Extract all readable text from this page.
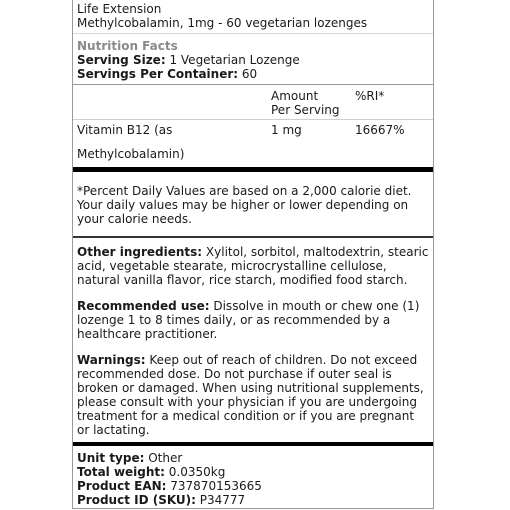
Life Extension
Methylcobalamin, 1mg - 60 vegetarian lozenges
Nutrition Facts
Serving Size: 1 Vegetarian Lozenge
Servings Per Container: 60
Amount
Per Serving
%RI*
Vitamin B12 (as
Methylcobalamin)
1 mg	16667%
*Percent Daily Values are based on a 2,000 calorie diet.
Your daily values may be higher or lower depending on
your calorie needs.
Other ingredients: Xylitol, sorbitol, maltodextrin, stearic
acid, vegetable stearate, microcrystalline cellulose,
natural vanilla flavor, rice starch, modified food starch.
Recommended use: Dissolve in mouth or chew one (1)
lozenge 1 to 8 times daily, or as recommended by a
healthcare practitioner.
Warnings: Keep out of reach of children. Do not exceed
recommended dose. Do not purchase if outer seal is
broken or damaged. When using nutritional supplements,
please consult with your physician if you are undergoing
treatment for a medical condition or if you are pregnant
or lactating.
Unit type: Other
Total weight: 0.0350kg
Product EAN: 737870153665
Product ID (SKU): P34777
